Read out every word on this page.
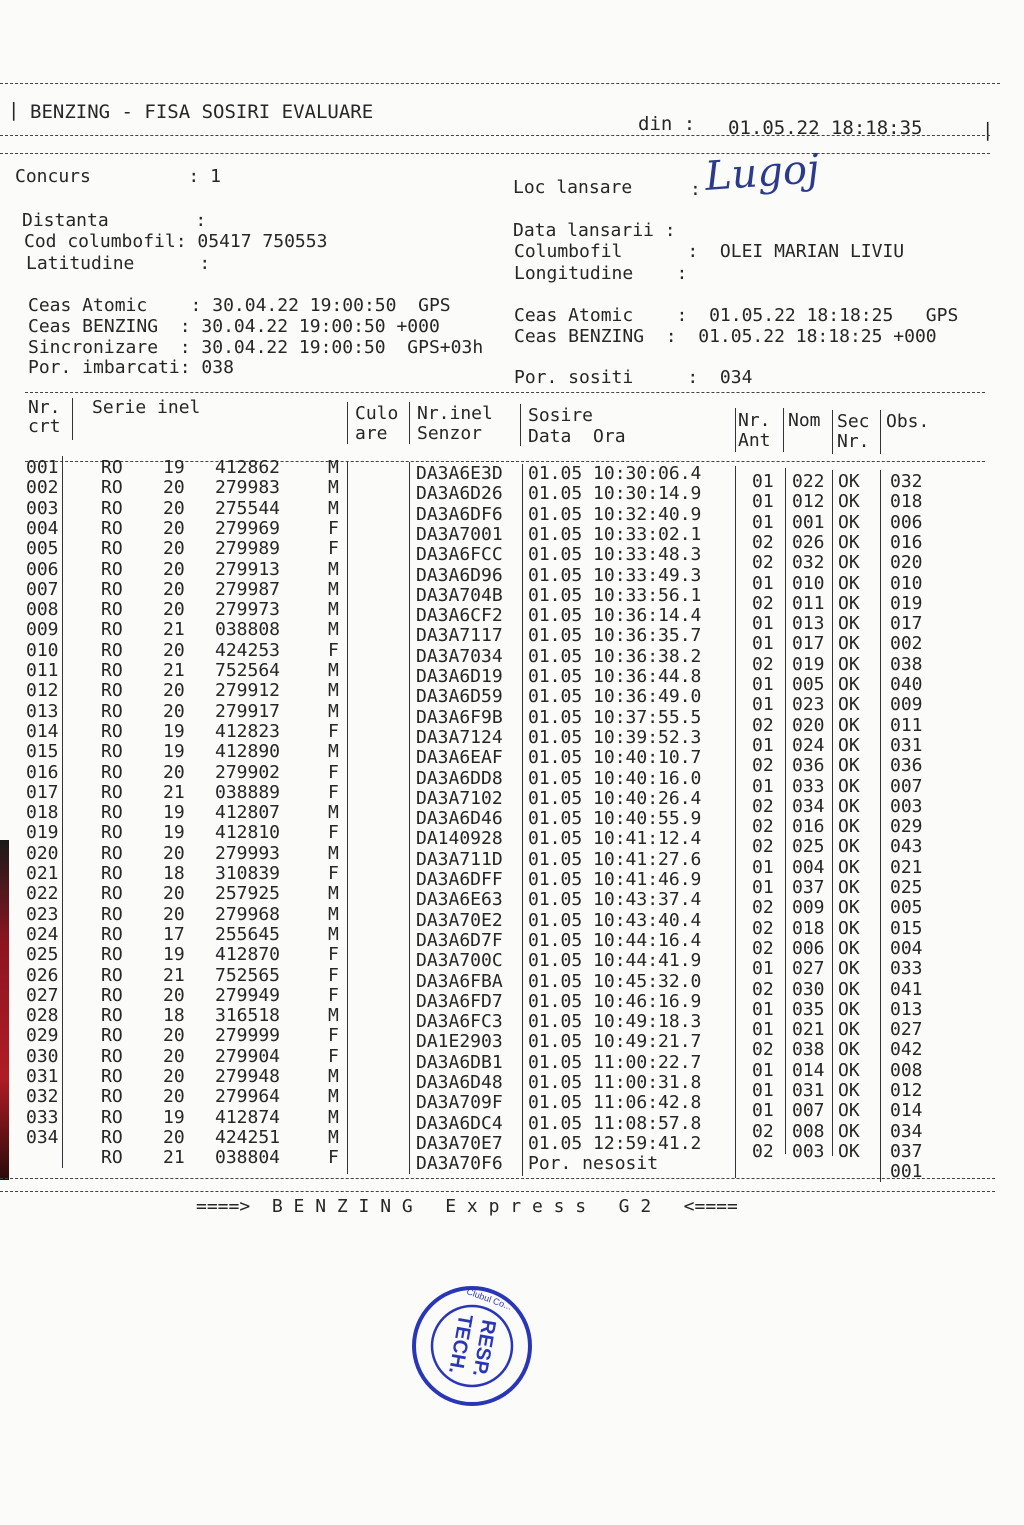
| BENZING - FISA SOSIRI EVALUARE
din : 01.05.22 18:18:35	|
Concurs         : 1
Loc lansare	: Lugoj
Distanta        :
Cod columbofil: 05417 750553
Latitudine      :
Data lansarii :
Columbofil      :  OLEI MARIAN LIVIU
Longitudine    :
Ceas Atomic    : 30.04.22 19:00:50  GPS
Ceas BENZING  : 30.04.22 19:00:50 +000
Sincronizare  : 30.04.22 19:00:50  GPS+03h
Por. imbarcati: 038
Ceas Atomic    :  01.05.22 18:18:25   GPS
Ceas BENZING  :  01.05.22 18:18:25 +000
Por. sositi     :  034
Nr.
crt
Serie inel	Culo
are
Nr.inel
Senzor
Sosire
Data  Ora
Nr.
Ant
Nom Sec
Nr.
Obs.
001 RO 19 412862	M	DA3A6E3D 01.05 10:30:06.4	01 022 OK 032
002 RO 20 279983	M	DA3A6D26 01.05 10:30:14.9	01 012 OK 018
003 RO 20 275544	M	DA3A6DF6 01.05 10:32:40.9	01 001 OK 006
004 RO 20 279969	F	DA3A7001 01.05 10:33:02.1	02 026 OK 016
005 RO 20 279989	F	DA3A6FCC 01.05 10:33:48.3	02 032 OK 020
006 RO 20 279913	M	DA3A6D96 01.05 10:33:49.3	01 010 OK 010
007 RO 20 279987	M	DA3A704B 01.05 10:33:56.1	02 011 OK 019
008 RO 20 279973	M	DA3A6CF2 01.05 10:36:14.4	01 013 OK 017
009 RO 21 038808	M	DA3A7117 01.05 10:36:35.7	01 017 OK 002
010 RO 20 424253	F	DA3A7034 01.05 10:36:38.2	02 019 OK 038
011 RO 21 752564	M	DA3A6D19 01.05 10:36:44.8	01 005 OK 040
012 RO 20 279912	M	DA3A6D59 01.05 10:36:49.0	01 023 OK 009
013 RO 20 279917	M	DA3A6F9B 01.05 10:37:55.5	02 020 OK 011
014 RO 19 412823	F	DA3A7124 01.05 10:39:52.3	01 024 OK 031
015 RO 19 412890	M	DA3A6EAF 01.05 10:40:10.7	02 036 OK 036
016 RO 20 279902	F	DA3A6DD8 01.05 10:40:16.0	01 033 OK 007
017 RO 21 038889	F	DA3A7102 01.05 10:40:26.4	02 034 OK 003
018 RO 19 412807	M	DA3A6D46 01.05 10:40:55.9	02 016 OK 029
019 RO 19 412810	F	DA140928 01.05 10:41:12.4	02 025 OK 043
020 RO 20 279993	M	DA3A711D 01.05 10:41:27.6	01 004 OK 021
021 RO 18 310839	F	DA3A6DFF 01.05 10:41:46.9	01 037 OK 025
022 RO 20 257925	M	DA3A6E63 01.05 10:43:37.4	02 009 OK 005
023 RO 20 279968	M	DA3A70E2 01.05 10:43:40.4	02 018 OK 015
024 RO 17 255645	M	DA3A6D7F 01.05 10:44:16.4	02 006 OK 004
025 RO 19 412870	F	DA3A700C 01.05 10:44:41.9	01 027 OK 033
026 RO 21 752565	F	DA3A6FBA 01.05 10:45:32.0	02 030 OK 041
027 RO 20 279949	F	DA3A6FD7 01.05 10:46:16.9	01 035 OK 013
028 RO 18 316518	M	DA3A6FC3 01.05 10:49:18.3	01 021 OK 027
029 RO 20 279999	F	DA1E2903 01.05 10:49:21.7	02 038 OK 042
030 RO 20 279904	F	DA3A6DB1 01.05 11:00:22.7	01 014 OK 008
031 RO 20 279948	M	DA3A6D48 01.05 11:00:31.8	01 031 OK 012
032 RO 20 279964	M	DA3A709F 01.05 11:06:42.8	01 007 OK 014
033 RO 19 412874	M	DA3A6DC4 01.05 11:08:57.8	02 008 OK 034
034 RO 20 424251	M	DA3A70E7 01.05 12:59:41.2	02 003 OK 037
RO 21 038804	F	DA3A70F6 Por. nesosit	001
====>  B E N Z I N G   E x p r e s s   G 2   <====
RESP.
TECH.
Clubul Co...
